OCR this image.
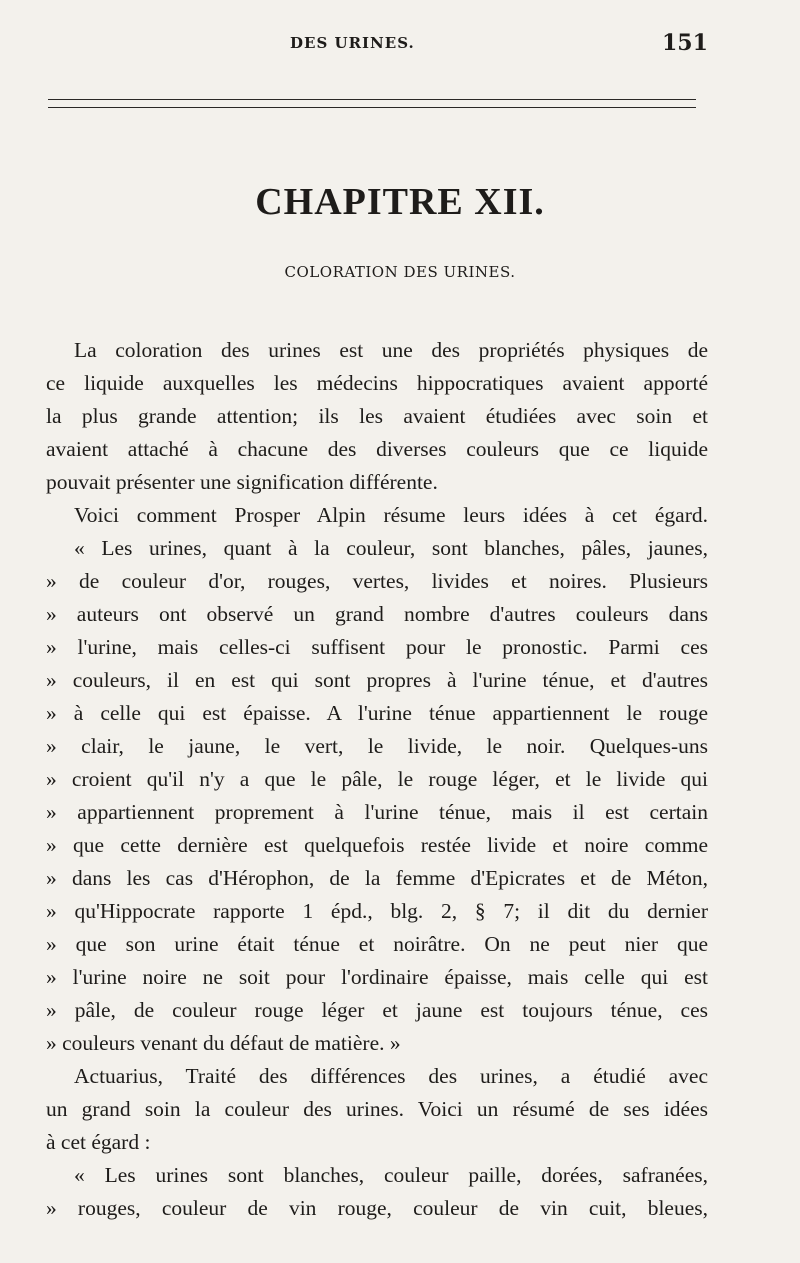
DES URINES.	151
CHAPITRE XII.
COLORATION DES URINES.
La coloration des urines est une des propriétés physiques de
ce liquide auxquelles les médecins hippocratiques avaient apporté
la plus grande attention; ils les avaient étudiées avec soin et
avaient attaché à chacune des diverses couleurs que ce liquide
pouvait présenter une signification différente.
Voici comment Prosper Alpin résume leurs idées à cet égard.
« Les urines, quant à la couleur, sont blanches, pâles, jaunes,
» de couleur d'or, rouges, vertes, livides et noires. Plusieurs
» auteurs ont observé un grand nombre d'autres couleurs dans
» l'urine, mais celles-ci suffisent pour le pronostic. Parmi ces
» couleurs, il en est qui sont propres à l'urine ténue, et d'autres
» à celle qui est épaisse. A l'urine ténue appartiennent le rouge
» clair, le jaune, le vert, le livide, le noir. Quelques-uns
» croient qu'il n'y a que le pâle, le rouge léger, et le livide qui
» appartiennent proprement à l'urine ténue, mais il est certain
» que cette dernière est quelquefois restée livide et noire comme
» dans les cas d'Hérophon, de la femme d'Epicrates et de Méton,
» qu'Hippocrate rapporte 1 épd., blg. 2, § 7; il dit du dernier
» que son urine était ténue et noirâtre. On ne peut nier que
» l'urine noire ne soit pour l'ordinaire épaisse, mais celle qui est
» pâle, de couleur rouge léger et jaune est toujours ténue, ces
» couleurs venant du défaut de matière. »
Actuarius, Traité des différences des urines, a étudié avec
un grand soin la couleur des urines. Voici un résumé de ses idées
à cet égard :
« Les urines sont blanches, couleur paille, dorées, safranées,
» rouges, couleur de vin rouge, couleur de vin cuit, bleues,
